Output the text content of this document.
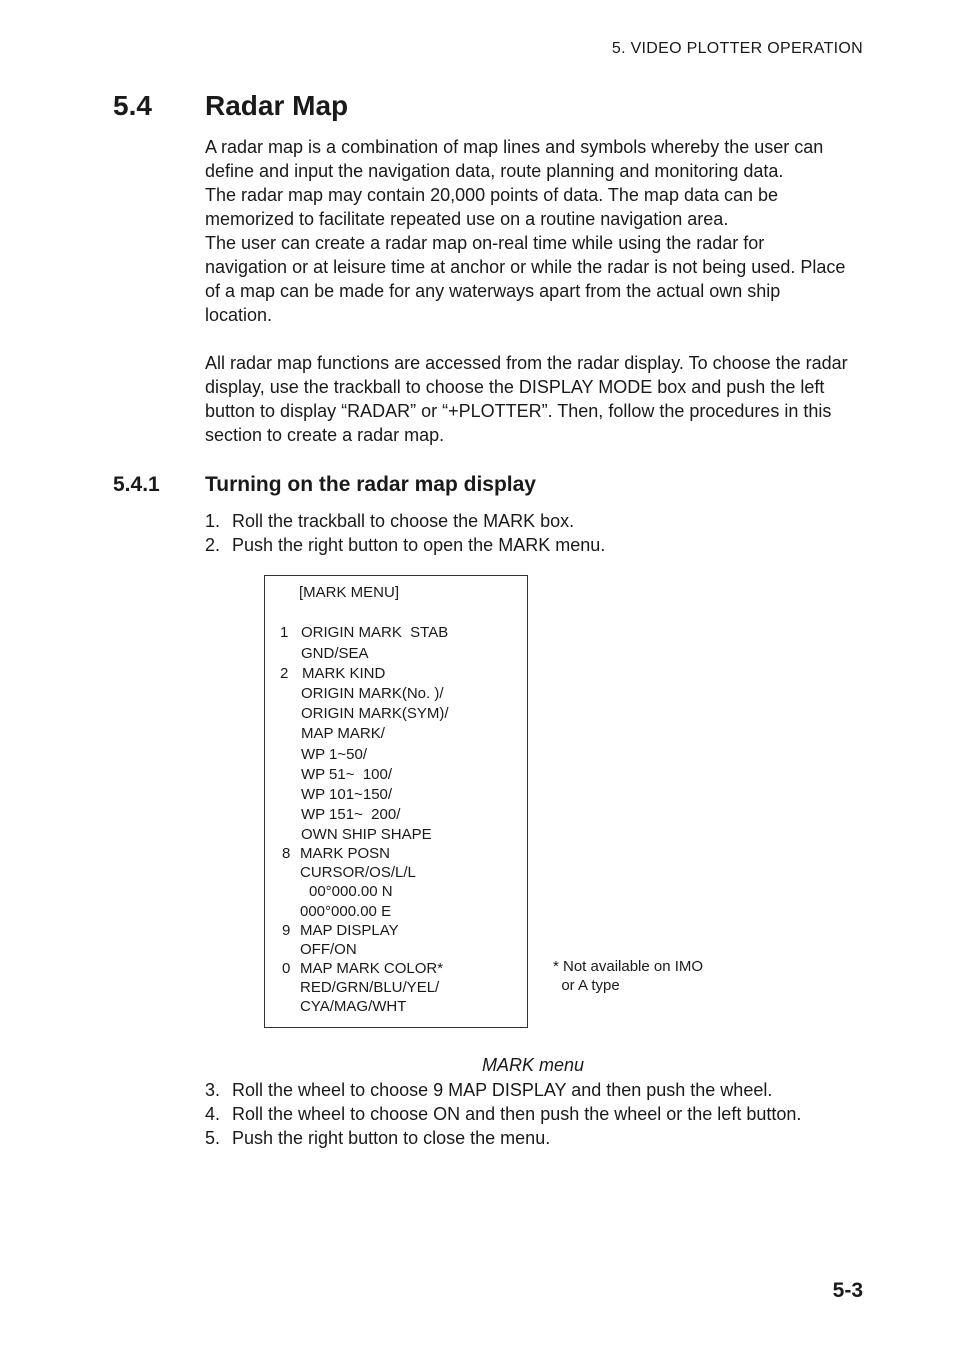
5. VIDEO PLOTTER OPERATION
5.4 Radar Map

A radar map is a combination of map lines and symbols whereby the user can

define and input the navigation data, route planning and monitoring data.

The radar map may contain 20,000 points of data. The map data can be

memorized to facilitate repeated use on a routine navigation area.

The user can create a radar map on-real time while using the radar for

navigation or at leisure time at anchor or while the radar is not being used. Place

of a map can be made for any waterways apart from the actual own ship

location.

All radar map functions are accessed from the radar display. To choose the radar

display, use the trackball to choose the DISPLAY MODE box and push the left

button to display “RADAR” or “+PLOTTER”. Then, follow the procedures in this

section to create a radar map.

5.4.1 Turning on the radar map display
1. Roll the trackball to choose the MARK box.
2. Push the right button to open the MARK menu.
[MARK MENU]
1 ORIGIN MARK  STAB
GND/SEA
2 MARK KIND
ORIGIN MARK(No. )/
ORIGIN MARK(SYM)/
MAP MARK/
WP 1~50/
WP 51~  100/
WP 101~150/
WP 151~  200/
OWN SHIP SHAPE
8 MARK POSN
CURSOR/OS/L/L
00°000.00 N
000°000.00 E
9 MAP DISPLAY
OFF/ON
0 MAP MARK COLOR*
RED/GRN/BLU/YEL/
CYA/MAG/WHT
* Not available on IMO
or A type
MARK menu
3. Roll the wheel to choose 9 MAP DISPLAY and then push the wheel.
4. Roll the wheel to choose ON and then push the wheel or the left button.
5. Push the right button to close the menu.
5-3
